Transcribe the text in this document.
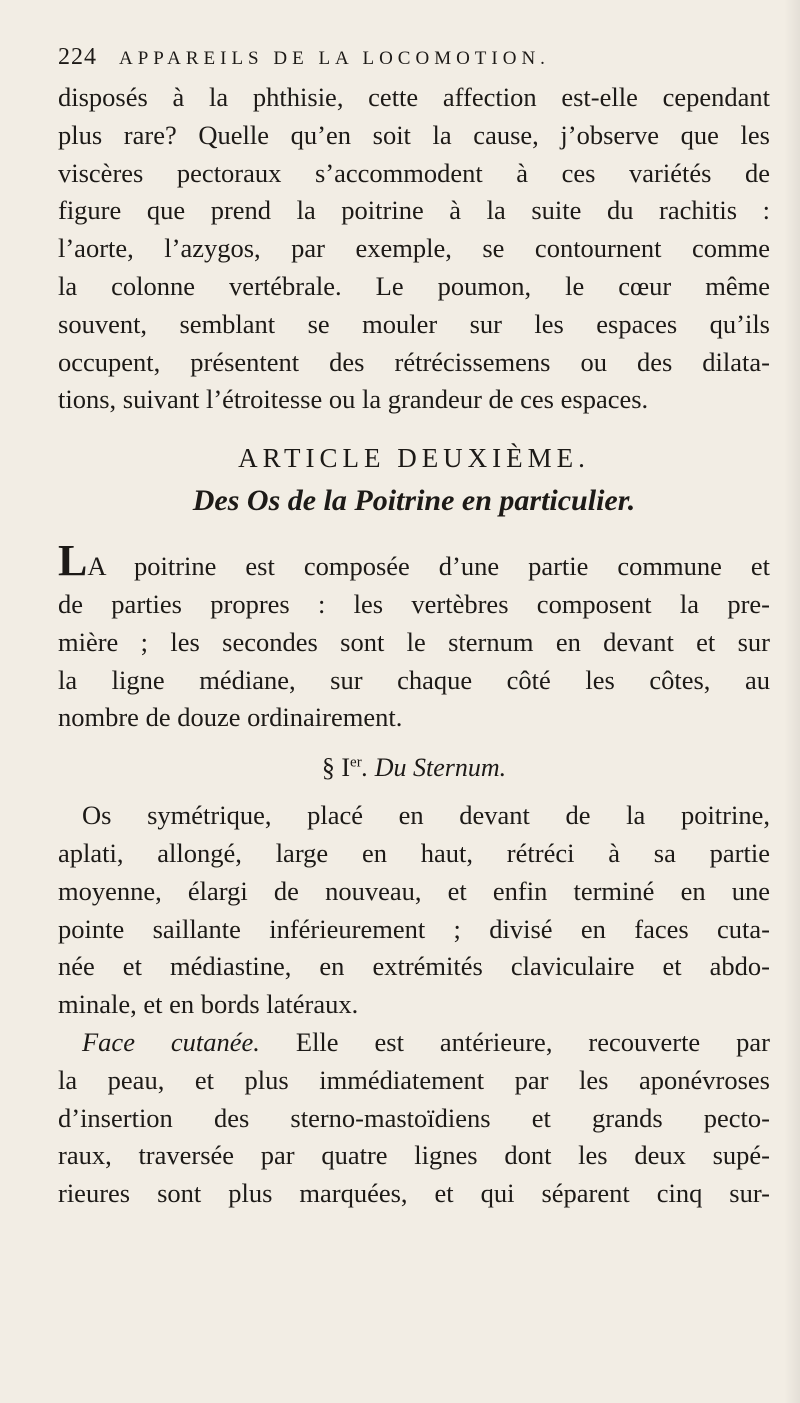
224 APPAREILS DE LA LOCOMOTION.

disposés à la phthisie, cette affection est-elle cependant
plus rare? Quelle qu’en soit la cause, j’observe que les
viscères pectoraux s’accommodent à ces variétés de
figure que prend la poitrine à la suite du rachitis :
l’aorte, l’azygos, par exemple, se contournent comme
la colonne vertébrale. Le poumon, le cœur même
souvent, semblant se mouler sur les espaces qu’ils
occupent, présentent des rétrécissemens ou des dilata-
tions, suivant l’étroitesse ou la grandeur de ces espaces.

ARTICLE DEUXIÈME.
Des Os de la Poitrine en particulier.

LA poitrine est composée d’une partie commune et
de parties propres : les vertèbres composent la pre-
mière ; les secondes sont le sternum en devant et sur
la ligne médiane, sur chaque côté les côtes, au
nombre de douze ordinairement.

§ Ier. Du Sternum.

Os symétrique, placé en devant de la poitrine,
aplati, allongé, large en haut, rétréci à sa partie
moyenne, élargi de nouveau, et enfin terminé en une
pointe saillante inférieurement ; divisé en faces cuta-
née et médiastine, en extrémités claviculaire et abdo-
minale, et en bords latéraux.

Face cutanée. Elle est antérieure, recouverte par
la peau, et plus immédiatement par les aponévroses
d’insertion des sterno-mastoïdiens et grands pecto-
raux, traversée par quatre lignes dont les deux supé-
rieures sont plus marquées, et qui séparent cinq sur-
